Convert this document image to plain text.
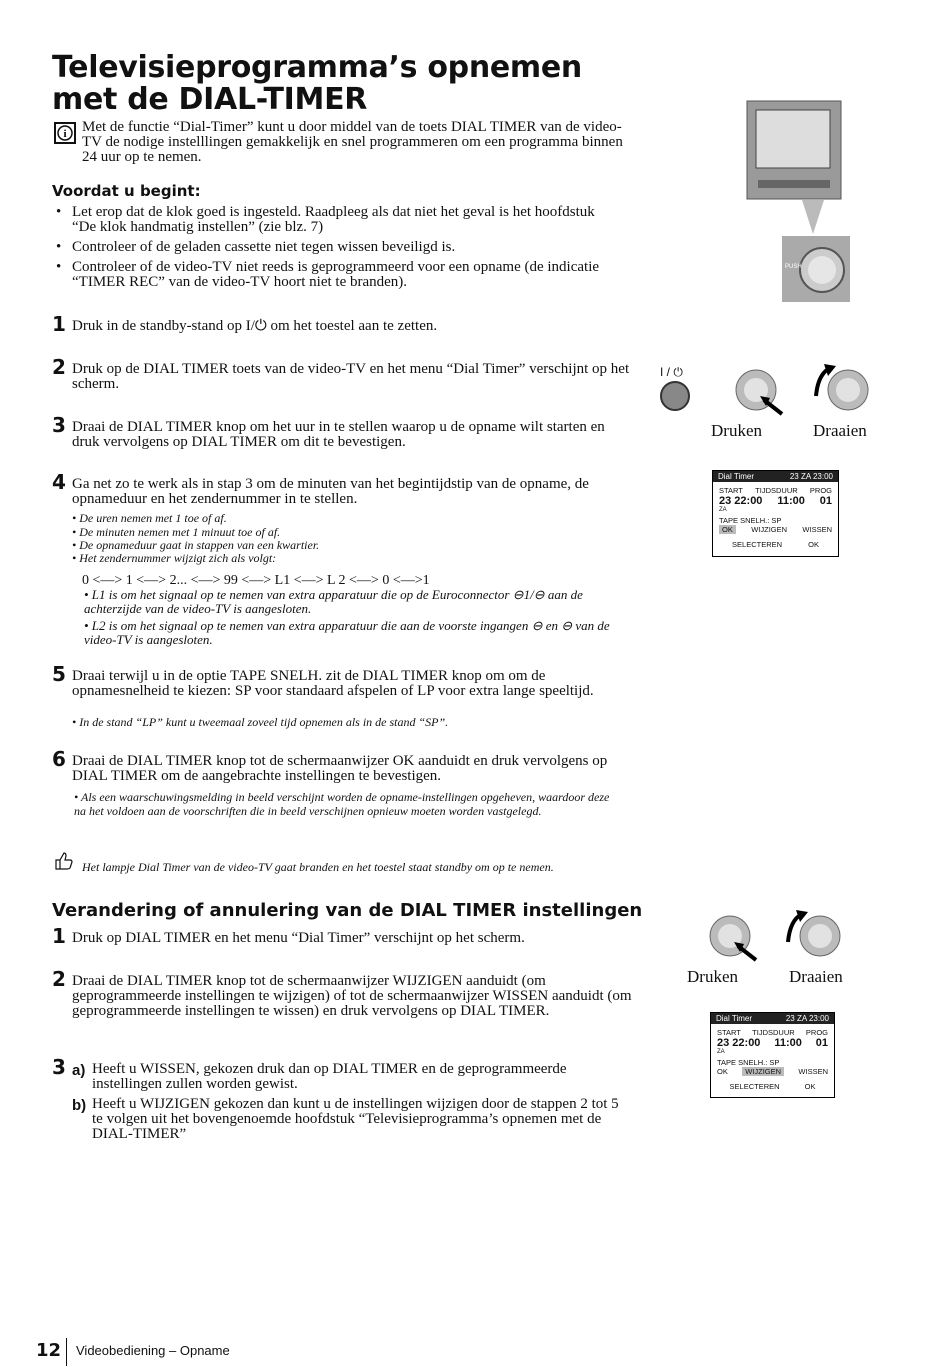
Televisieprogramma’s opnemen met de DIAL-TIMER
i Met de functie “Dial-Timer” kunt u door middel van de toets DIAL TIMER van de video-TV de nodige instelllingen gemakkelijk en snel programmeren om een programma binnen 24 uur op te nemen.
Voordat u begint:
• Let erop dat de klok goed is ingesteld. Raadpleeg als dat niet het geval is het hoofdstuk “De klok handmatig instellen” (zie blz. 7)
• Controleer of de geladen cassette niet tegen wissen beveiligd is.
• Controleer of de video-TV niet reeds is geprogrammeerd voor een opname (de indicatie “TIMER REC” van de video-TV hoort niet te branden).
1 Druk in de standby-stand op I/⏻ om het toestel aan te zetten.
2 Druk op de DIAL TIMER toets van de video-TV en het menu “Dial Timer” verschijnt op het scherm.
3 Draai de DIAL TIMER knop om het uur in te stellen waarop u de opname wilt starten en druk vervolgens op DIAL TIMER om dit te bevestigen.
4 Ga net zo te werk als in stap 3 om de minuten van het begintijdstip van de opname, de opnameduur en het zendernummer in te stellen.
• De uren nemen met 1 toe of af.
• De minuten nemen met 1 minuut toe of af.
• De opnameduur gaat in stappen van een kwartier.
• Het zendernummer wijzigt zich als volgt:
0 <—> 1 <—> 2... <—> 99 <—> L1 <—> L 2 <—> 0 <—>1
• L1 is om het signaal op te nemen van extra apparatuur die op de Euroconnector ⊖1/⊖ aan de achterzijde van de video-TV is aangesloten.
• L2 is om het signaal op te nemen van extra apparatuur die aan de voorste ingangen ⊖ en ⊖ van de video-TV is aangesloten.
5 Draai terwijl u in de optie TAPE SNELH. zit de DIAL TIMER knop om om de opnamesnelheid te kiezen: SP voor standaard afspelen of LP voor extra lange speeltijd.
• In de stand “LP” kunt u tweemaal zoveel tijd opnemen als in de stand “SP”.
6 Draai de DIAL TIMER knop tot de schermaanwijzer OK aanduidt en druk vervolgens op DIAL TIMER om de aangebrachte instellingen te bevestigen.
• Als een waarschuwingsmelding in beeld verschijnt worden de opname-instellingen opgeheven, waardoor deze na het voldoen aan de voorschriften die in beeld verschijnen opnieuw moeten worden vastgelegd.
Het lampje Dial Timer van de video-TV gaat branden en het toestel staat standby om op te nemen.
Verandering of annulering van de DIAL TIMER instellingen
1 Druk op DIAL TIMER en het menu “Dial Timer” verschijnt op het scherm.
2 Draai de DIAL TIMER knop tot de schermaanwijzer WIJZIGEN aanduidt (om geprogrammeerde instellingen te wijzigen) of tot de schermaanwijzer WISSEN aanduidt (om geprogrammeerde instellingen te wissen) en druk vervolgens op DIAL TIMER.
3 a) Heeft u WISSEN, gekozen druk dan op DIAL TIMER en de geprogrammeerde instellingen zullen worden gewist.
b) Heeft u WIJZIGEN gekozen dan kunt u de instellingen wijzigen door de stappen 2 tot 5 te volgen uit het bovengenoemde hoofdstuk “Televisieprogramma’s opnemen met de DIAL-TIMER”
PUSH
I / ⏻
Druken	Draaien
Dial Timer	23 ZA 23:00
START TIJDSDUUR PROG
23 22:00 11:00 01
ZA
TAPE SNELH.: SP
OK	WIJZIGEN WISSEN
SELECTEREN	OK
Druken	Draaien
Dial Timer	23 ZA 23:00
START TIJDSDUUR PROG
23 22:00 11:00 01
ZA
TAPE SNELH.: SP
OK	WIJZIGEN	WISSEN
SELECTEREN	OK
12 Videobediening – Opname
